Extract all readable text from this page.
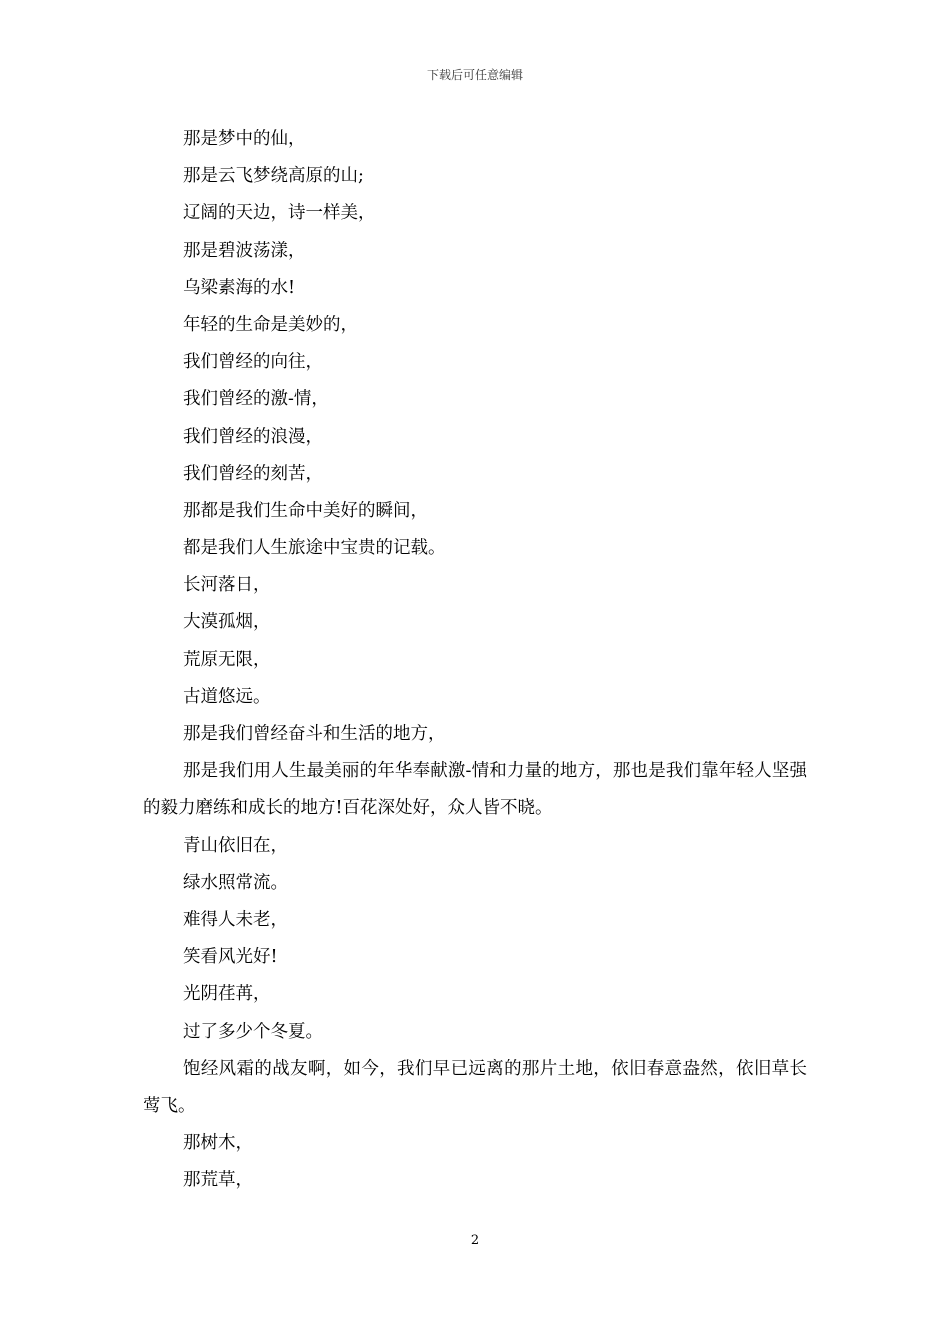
下载后可任意编辑

那是梦中的仙，

那是云飞梦绕高原的山;

辽阔的天边，诗一样美，

那是碧波荡漾，

乌梁素海的水!

年轻的生命是美妙的，

我们曾经的向往，

我们曾经的激-情，

我们曾经的浪漫，

我们曾经的刻苦，

那都是我们生命中美好的瞬间，

都是我们人生旅途中宝贵的记载。

长河落日，

大漠孤烟，

荒原无限，

古道悠远。

那是我们曾经奋斗和生活的地方，

那是我们用人生最美丽的年华奉献激-情和力量的地方，那也是我们靠年轻人坚强的毅力磨练和成长的地方!百花深处好，众人皆不晓。

青山依旧在，

绿水照常流。

难得人未老，

笑看风光好!

光阴荏苒，

过了多少个冬夏。

饱经风霜的战友啊，如今，我们早已远离的那片土地，依旧春意盎然，依旧草长莺飞。

那树木，

那荒草，

2
